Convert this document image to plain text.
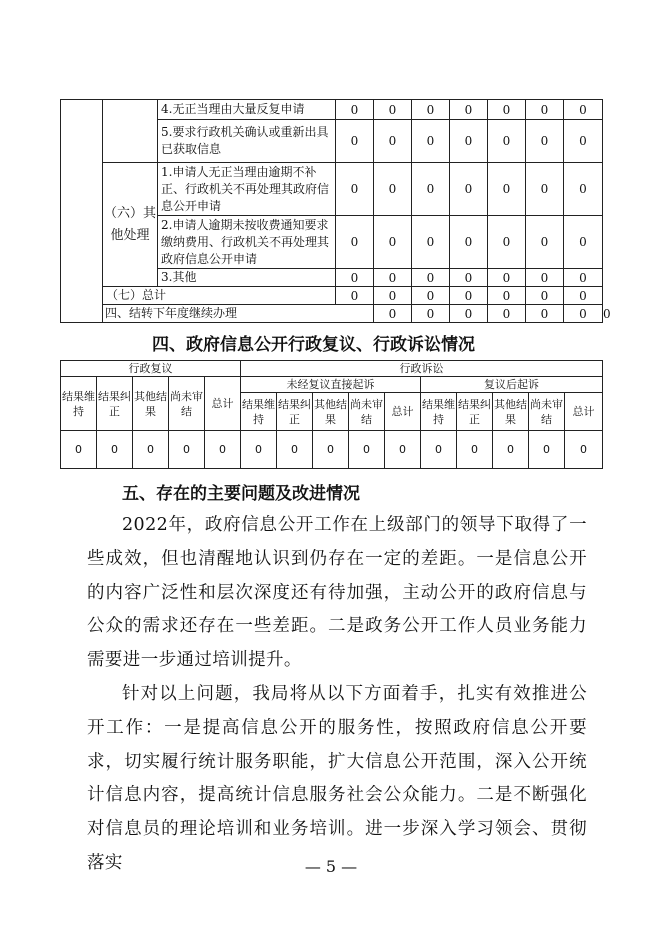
		4.无正当理由大量反复申请	0	0	0	0	0	0	0	
		5.要求行政机关确认或重新出具已获取信息	0	0	0	0	0	0	0	
	（六）其他处理	1.申请人无正当理由逾期不补正、行政机关不再处理其政府信息公开申请	0	0	0	0	0	0	0	
		2.申请人逾期未按收费通知要求缴纳费用、行政机关不再处理其政府信息公开申请	0	0	0	0	0	0	0	
		3.其他	0	0	0	0	0	0	0	
	（七）总计		0	0	0	0	0	0	0	
	四、结转下年度继续办理			0	0	0	0	0	0	0
四、政府信息公开行政复议、行政诉讼情况
行政复议					行政诉讼									
结果维持	结果纠正	其他结果	尚未审结	总计	未经复议直接起诉					复议后起诉				
					结果维持	结果纠正	其他结果	尚未审结	总计	结果维持	结果纠正	其他结果	尚未审结	总计
0	0	0	0	0	0	0	0	0	0	0	0	0	0	0
五、存在的主要问题及改进情况
2022年，政府信息公开工作在上级部门的领导下取得了一些成效，但也清醒地认识到仍存在一定的差距。一是信息公开的内容广泛性和层次深度还有待加强，主动公开的政府信息与公众的需求还存在一些差距。二是政务公开工作人员业务能力需要进一步通过培训提升。
针对以上问题，我局将从以下方面着手，扎实有效推进公开工作：一是提高信息公开的服务性，按照政府信息公开要求，切实履行统计服务职能，扩大信息公开范围，深入公开统计信息内容，提高统计信息服务社会公众能力。二是不断强化对信息员的理论培训和业务培训。进一步深入学习领会、贯彻落实	— 5 —
